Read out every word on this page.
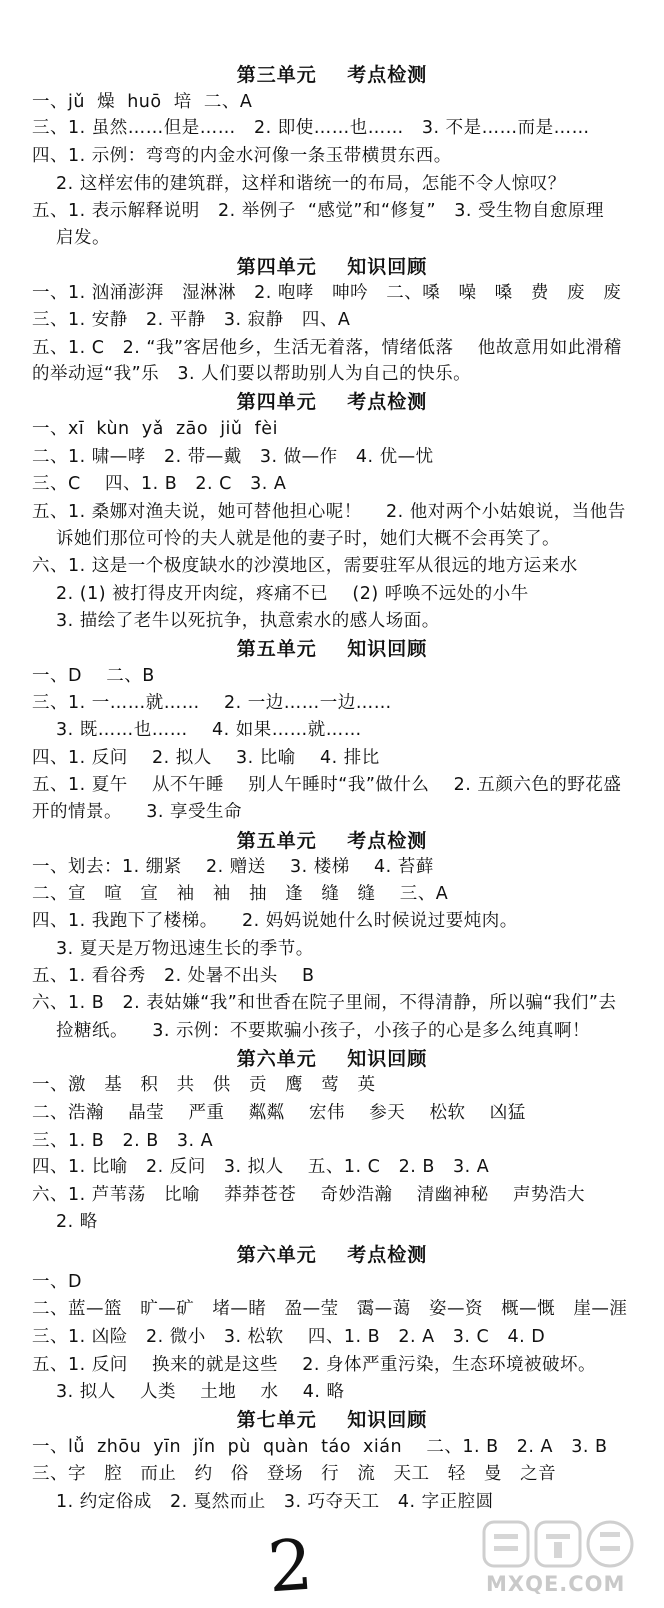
第三单元    考点检测
一、jǔ  燥  huō  培  二、A
三、1. 虽然……但是……   2. 即使……也……   3. 不是……而是……
四、1. 示例：弯弯的内金水河像一条玉带横贯东西。
2. 这样宏伟的建筑群，这样和谐统一的布局，怎能不令人惊叹？
五、1. 表示解释说明   2. 举例子  “感觉”和“修复”   3. 受生物自愈原理
启发。
第四单元    知识回顾
一、1. 汹涌澎湃   湿淋淋   2. 咆哮   呻吟   二、嗓   噪   嗓   费   废   废
三、1. 安静   2. 平静   3. 寂静   四、A
五、1. C   2. “我”客居他乡，生活无着落，情绪低落    他故意用如此滑稽
的举动逗“我”乐   3. 人们要以帮助别人为自己的快乐。
第四单元    考点检测
一、xī  kùn  yǎ  zāo  jiǔ  fèi
二、1. 啸—哮   2. 带—戴   3. 做—作   4. 优—忧
三、C    四、1. B   2. C   3. A
五、1. 桑娜对渔夫说，她可替他担心呢！    2. 他对两个小姑娘说，当他告
诉她们那位可怜的夫人就是他的妻子时，她们大概不会再笑了。
六、1. 这是一个极度缺水的沙漠地区，需要驻军从很远的地方运来水
2. (1) 被打得皮开肉绽，疼痛不已    (2) 呼唤不远处的小牛
3. 描绘了老牛以死抗争，执意索水的感人场面。
第五单元    知识回顾
一、D    二、B
三、1. 一……就……    2. 一边……一边……
3. 既……也……    4. 如果……就……
四、1. 反问    2. 拟人    3. 比喻    4. 排比
五、1. 夏午    从不午睡    别人午睡时“我”做什么    2. 五颜六色的野花盛
开的情景。    3. 享受生命
第五单元    考点检测
一、划去：1. 绷紧    2. 赠送    3. 楼梯    4. 苔藓
二、宣   喧   宣   袖   袖   抽   逢   缝   缝    三、A
四、1. 我跑下了楼梯。    2. 妈妈说她什么时候说过要炖肉。
3. 夏天是万物迅速生长的季节。
五、1. 看谷秀   2. 处暑不出头    B
六、1. B   2. 表姑嫌“我”和世香在院子里闹，不得清静，所以骗“我们”去
捡糖纸。    3. 示例：不要欺骗小孩子，小孩子的心是多么纯真啊！
第六单元    知识回顾
一、激   基   积   共   供   贡   鹰   莺   英
二、浩瀚    晶莹    严重    粼粼    宏伟    参天    松软    凶猛
三、1. B   2. B   3. A
四、1. 比喻   2. 反问   3. 拟人    五、1. C   2. B   3. A
六、1. 芦苇荡   比喻    莽莽苍苍    奇妙浩瀚    清幽神秘    声势浩大
2. 略
第六单元    考点检测
一、D
二、蓝—篮   旷—矿   堵—睹   盈—莹   霭—蔼   姿—资   概—慨   崖—涯
三、1. 凶险   2. 微小   3. 松软    四、1. B   2. A   3. C   4. D
五、1. 反问    换来的就是这些    2. 身体严重污染，生态环境被破坏。
3. 拟人    人类    土地    水    4. 略
第七单元    知识回顾
一、lǚ  zhōu  yīn  jǐn  pù  quàn  táo  xián    二、1. B   2. A   3. B
三、字   腔   而止   约   俗   登场   行   流   天工   轻   曼   之音
1. 约定俗成   2. 戛然而止   3. 巧夺天工   4. 字正腔圆
2	MXQE.COM
